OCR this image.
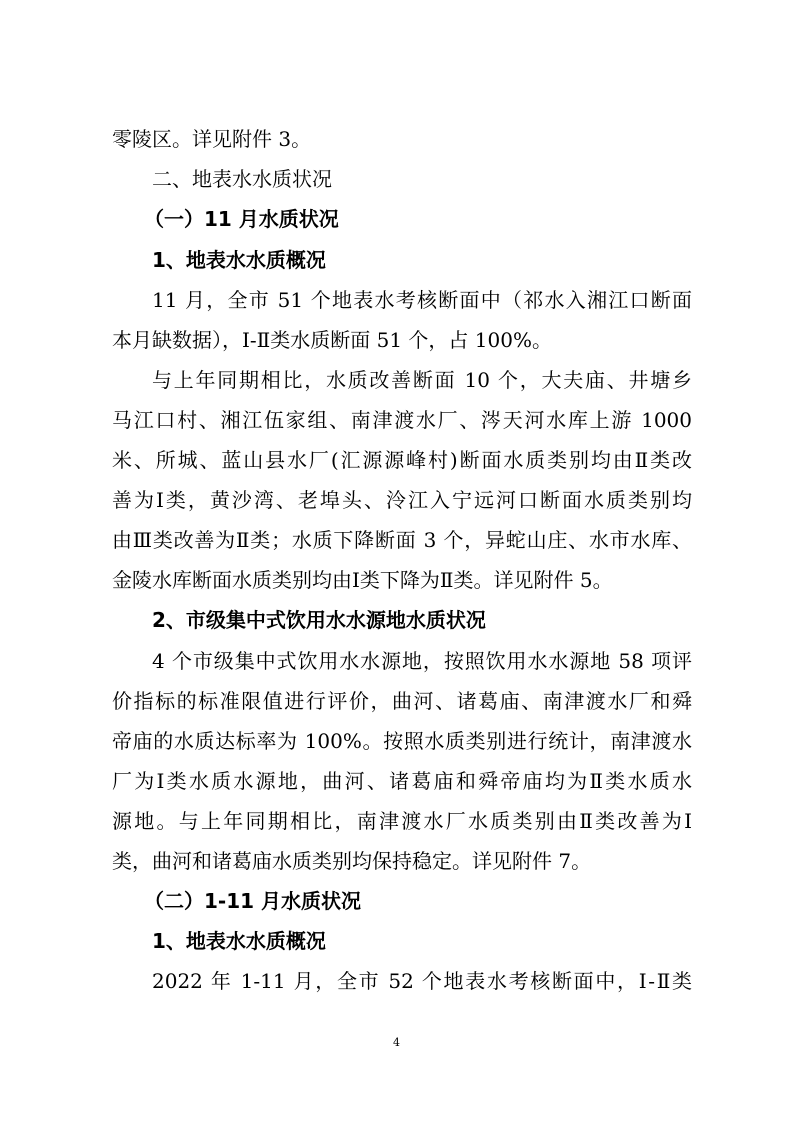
零陵区。详见附件 3。
二、地表水水质状况
（一）11 月水质状况
1、地表水水质概况
11 月，全市 51 个地表水考核断面中（祁水入湘江口断面
本月缺数据），Ⅰ-Ⅱ类水质断面 51 个，占 100%。
与上年同期相比，水质改善断面 10 个，大夫庙、井塘乡
马江口村、湘江伍家组、南津渡水厂、涔天河水库上游 1000
米、所城、蓝山县水厂(汇源源峰村)断面水质类别均由Ⅱ类改
善为Ⅰ类，黄沙湾、老埠头、泠江入宁远河口断面水质类别均
由Ⅲ类改善为Ⅱ类；水质下降断面 3 个，异蛇山庄、水市水库、
金陵水库断面水质类别均由Ⅰ类下降为Ⅱ类。详见附件 5。
2、市级集中式饮用水水源地水质状况
4 个市级集中式饮用水水源地，按照饮用水水源地 58 项评
价指标的标准限值进行评价，曲河、诸葛庙、南津渡水厂和舜
帝庙的水质达标率为 100%。按照水质类别进行统计，南津渡水
厂为Ⅰ类水质水源地，曲河、诸葛庙和舜帝庙均为Ⅱ类水质水
源地。与上年同期相比，南津渡水厂水质类别由Ⅱ类改善为Ⅰ
类，曲河和诸葛庙水质类别均保持稳定。详见附件 7。
（二）1-11 月水质状况
1、地表水水质概况
2022 年 1-11 月，全市 52 个地表水考核断面中，Ⅰ-Ⅱ类
4
